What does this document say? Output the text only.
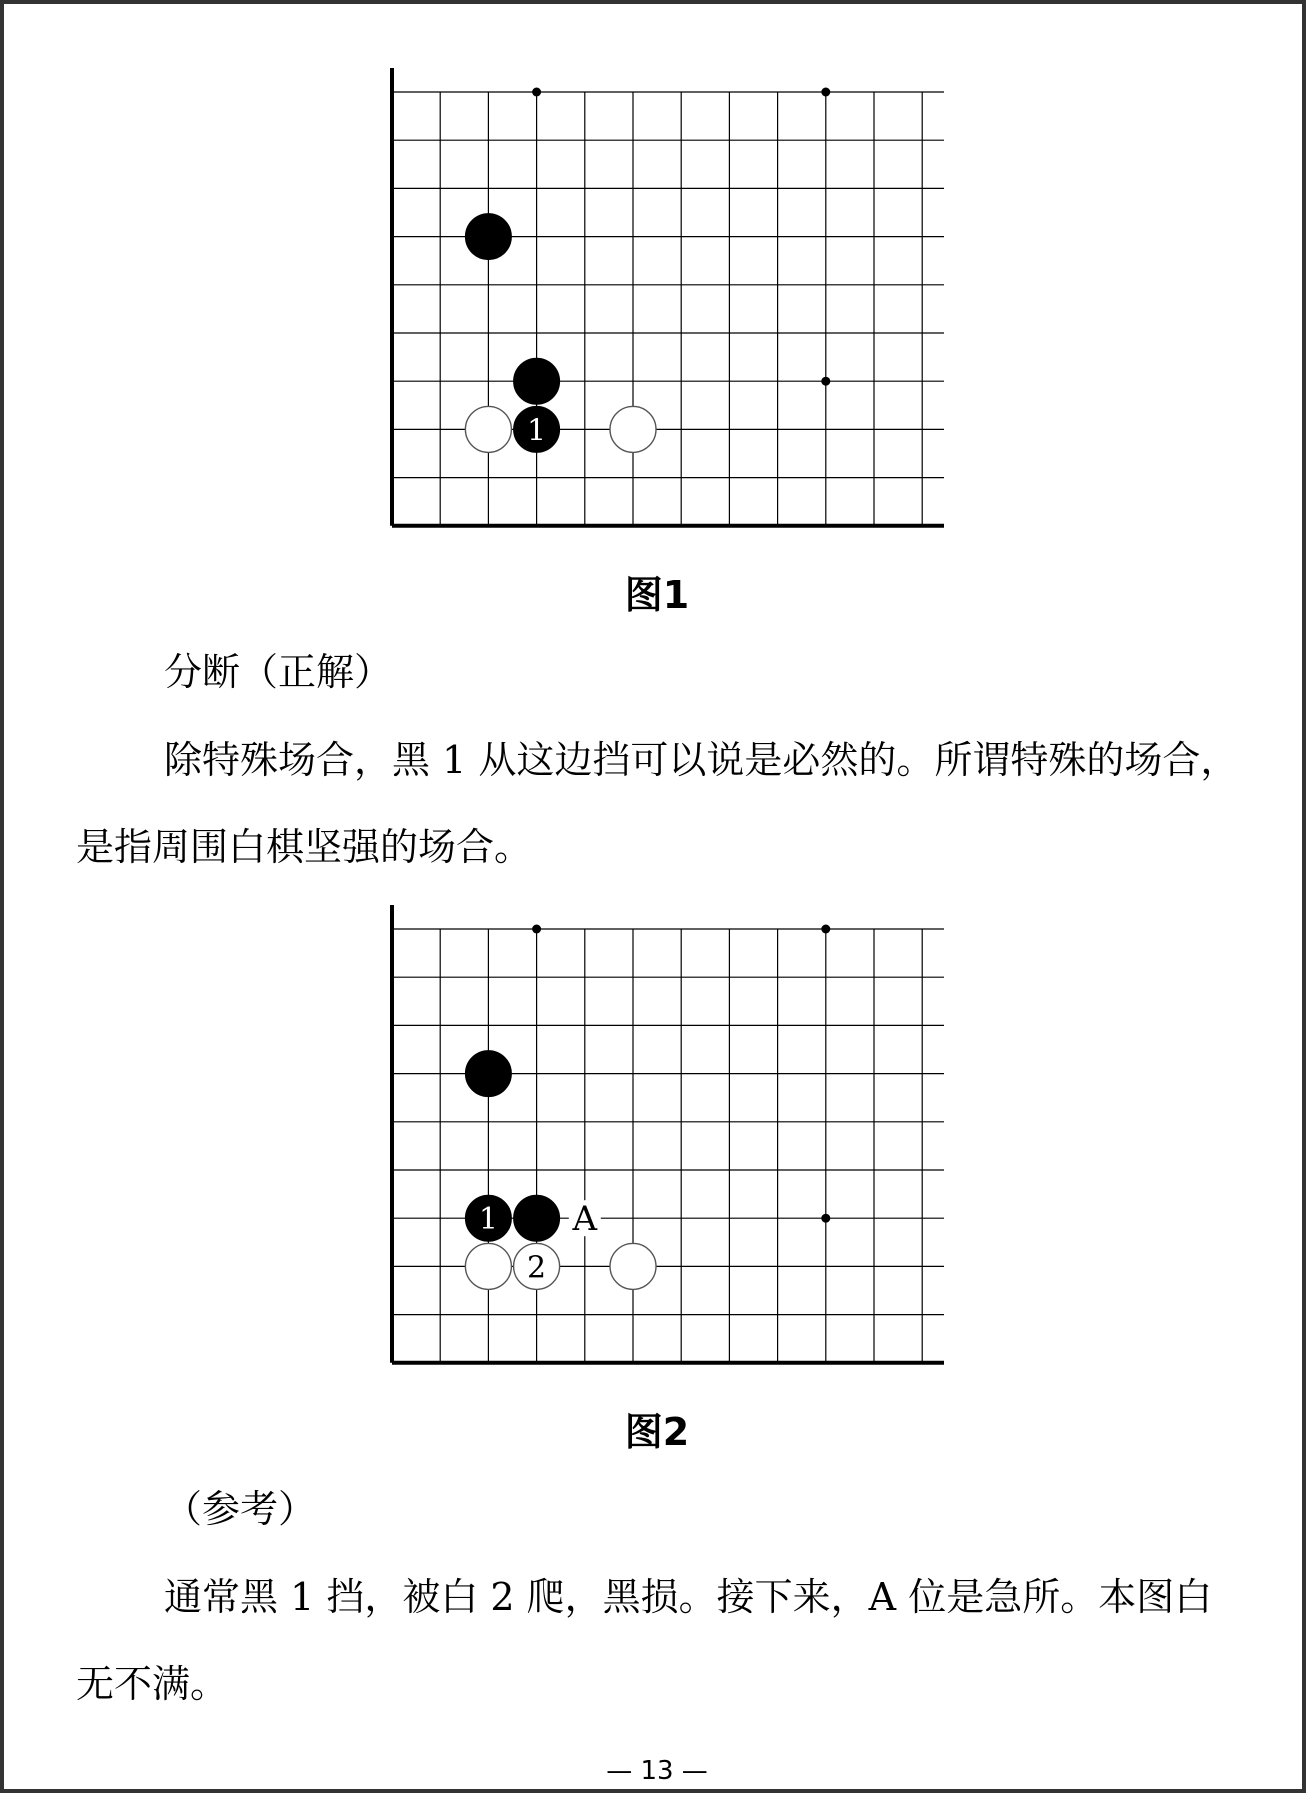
1
图1

分断（正解）

除特殊场合，黑 1 从这边挡可以说是必然的。所谓特殊的场合，是指周围白棋坚强的场合。

A
1
2
图2

（参考）

通常黑 1 挡，被白 2 爬，黑损。接下来，A 位是急所。本图白无不满。

— 13 —
